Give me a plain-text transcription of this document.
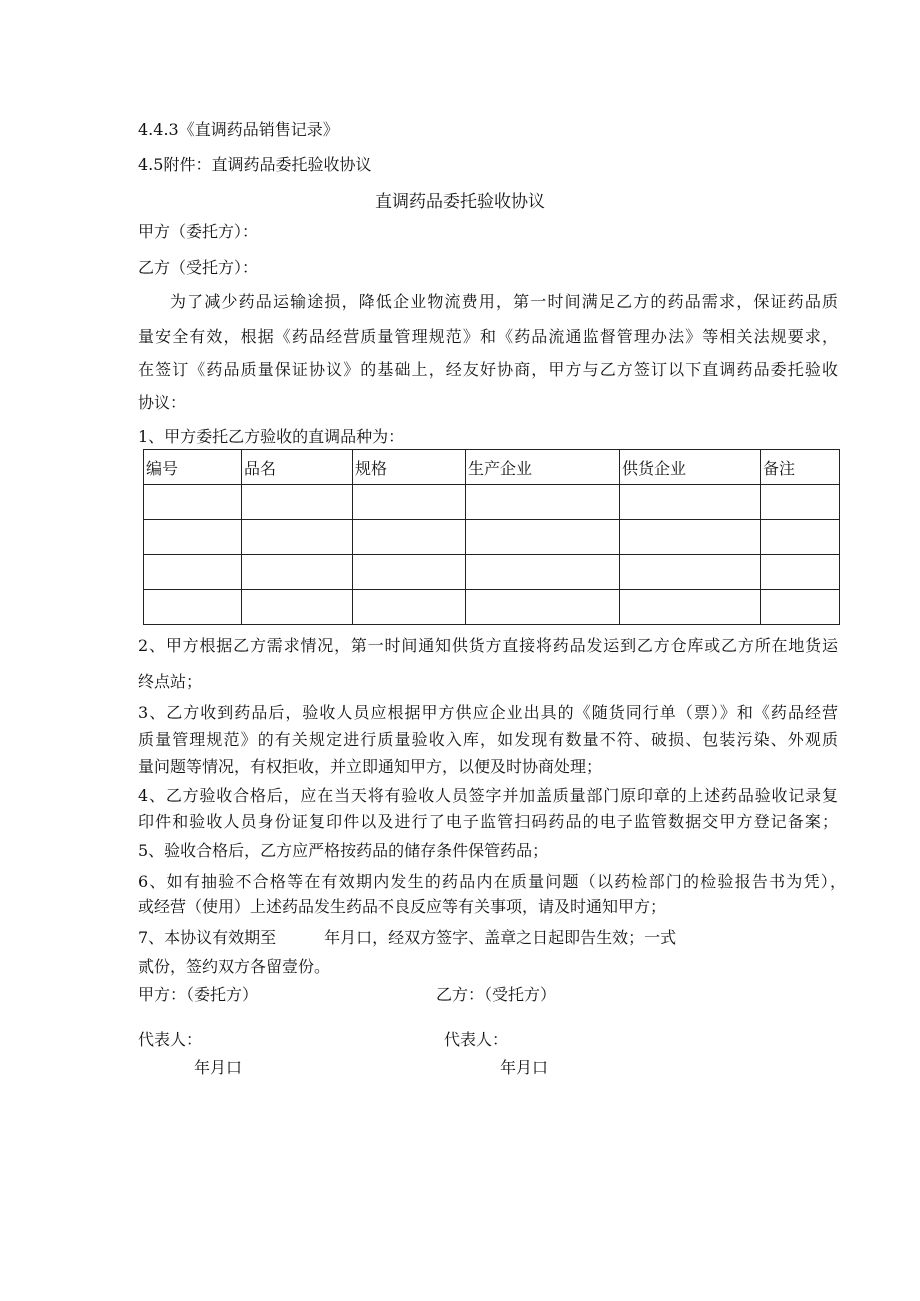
4.4.3《直调药品销售记录》
4.5附件：直调药品委托验收协议
直调药品委托验收协议
甲方（委托方）：
乙方（受托方）：
为了减少药品运输途损，降低企业物流费用，第一时间满足乙方的药品需求，保证药品质
量安全有效，根据《药品经营质量管理规范》和《药品流通监督管理办法》等相关法规要求，
在签订《药品质量保证协议》的基础上，经友好协商，甲方与乙方签订以下直调药品委托验收
协议：
1、甲方委托乙方验收的直调品种为：
编号	品名	规格	生产企业	供货企业	备注

2、甲方根据乙方需求情况，第一时间通知供货方直接将药品发运到乙方仓库或乙方所在地货运
终点站；
3、乙方收到药品后，验收人员应根据甲方供应企业出具的《随货同行单（票）》和《药品经营
质量管理规范》的有关规定进行质量验收入库，如发现有数量不符、破损、包装污染、外观质
量问题等情况，有权拒收，并立即通知甲方，以便及时协商处理；
4、乙方验收合格后，应在当天将有验收人员签字并加盖质量部门原印章的上述药品验收记录复
印件和验收人员身份证复印件以及进行了电子监管扫码药品的电子监管数据交甲方登记备案；
5、验收合格后，乙方应严格按药品的储存条件保管药品；
6、如有抽验不合格等在有效期内发生的药品内在质量问题（以药检部门的检验报告书为凭），
或经营（使用）上述药品发生药品不良反应等有关事项，请及时通知甲方；
7、本协议有效期至　　　年月口，经双方签字、盖章之日起即告生效；一式
贰份，签约双方各留壹份。
甲方：（委托方）	乙方：（受托方）
代表人：	代表人：
年月口	年月口
